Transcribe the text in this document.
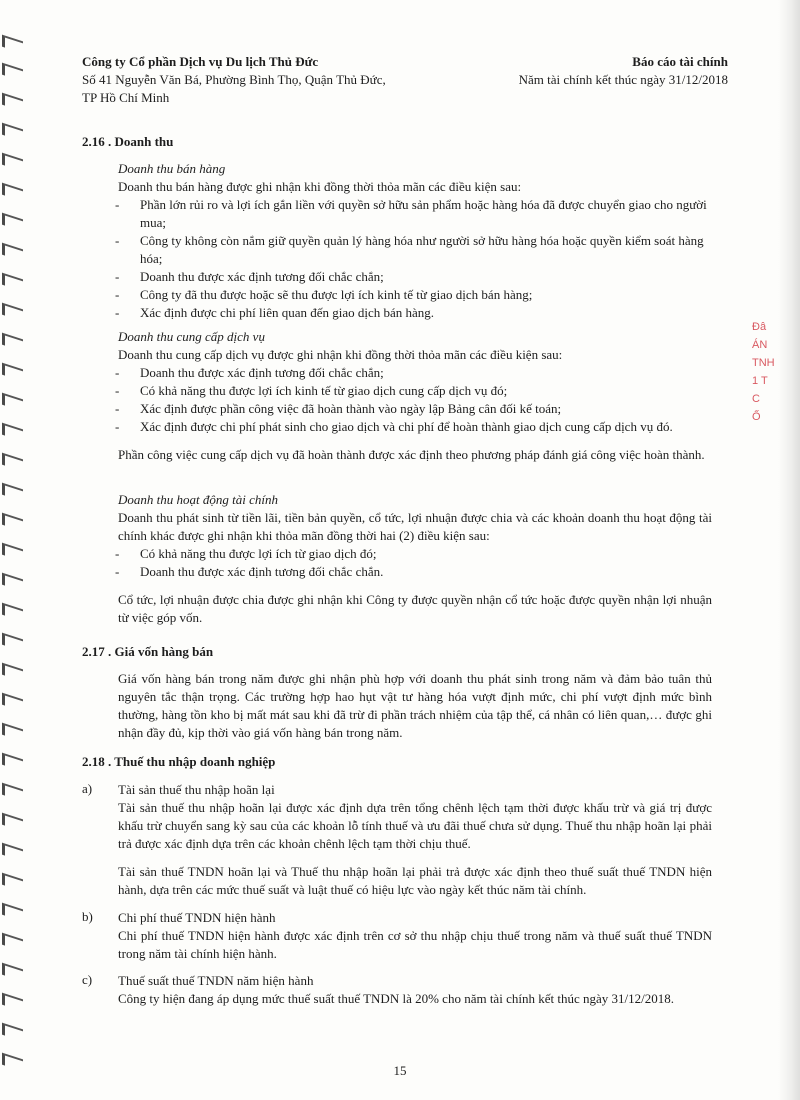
Đâ
ÁN
TNH
1 T
C
Ố
Công ty Cổ phần Dịch vụ Du lịch Thủ Đức
Số 41 Nguyễn Văn Bá, Phường Bình Thọ, Quận Thủ Đức,
TP Hồ Chí Minh
Báo cáo tài chính
Năm tài chính kết thúc ngày 31/12/2018
2.16 . Doanh thu

Doanh thu bán hàng

Doanh thu bán hàng được ghi nhận khi đồng thời thỏa mãn các điều kiện sau:

- Phần lớn rủi ro và lợi ích gắn liền với quyền sở hữu sản phẩm hoặc hàng hóa đã được chuyển giao cho người mua;
- Công ty không còn nắm giữ quyền quản lý hàng hóa như người sở hữu hàng hóa hoặc quyền kiểm soát hàng hóa;
- Doanh thu được xác định tương đối chắc chắn;
- Công ty đã thu được hoặc sẽ thu được lợi ích kinh tế từ giao dịch bán hàng;
- Xác định được chi phí liên quan đến giao dịch bán hàng.

Doanh thu cung cấp dịch vụ

Doanh thu cung cấp dịch vụ được ghi nhận khi đồng thời thỏa mãn các điều kiện sau:

- Doanh thu được xác định tương đối chắc chắn;
- Có khả năng thu được lợi ích kinh tế từ giao dịch cung cấp dịch vụ đó;
- Xác định được phần công việc đã hoàn thành vào ngày lập Bảng cân đối kế toán;
- Xác định được chi phí phát sinh cho giao dịch và chi phí để hoàn thành giao dịch cung cấp dịch vụ đó.

Phần công việc cung cấp dịch vụ đã hoàn thành được xác định theo phương pháp đánh giá công việc hoàn thành.

Doanh thu hoạt động tài chính

Doanh thu phát sinh từ tiền lãi, tiền bản quyền, cổ tức, lợi nhuận được chia và các khoản doanh thu hoạt động tài chính khác được ghi nhận khi thỏa mãn đồng thời hai (2) điều kiện sau:

- Có khả năng thu được lợi ích từ giao dịch đó;
- Doanh thu được xác định tương đối chắc chắn.

Cổ tức, lợi nhuận được chia được ghi nhận khi Công ty được quyền nhận cổ tức hoặc được quyền nhận lợi nhuận từ việc góp vốn.

2.17 . Giá vốn hàng bán

Giá vốn hàng bán trong năm được ghi nhận phù hợp với doanh thu phát sinh trong năm và đảm bảo tuân thủ nguyên tắc thận trọng. Các trường hợp hao hụt vật tư hàng hóa vượt định mức, chi phí vượt định mức bình thường, hàng tồn kho bị mất mát sau khi đã trừ đi phần trách nhiệm của tập thể, cá nhân có liên quan,… được ghi nhận đầy đủ, kịp thời vào giá vốn hàng bán trong năm.

2.18 . Thuế thu nhập doanh nghiệp
a) Tài sản thuế thu nhập hoãn lại

Tài sản thuế thu nhập hoãn lại được xác định dựa trên tổng chênh lệch tạm thời được khấu trừ và giá trị được khấu trừ chuyển sang kỳ sau của các khoản lỗ tính thuế và ưu đãi thuế chưa sử dụng. Thuế thu nhập hoãn lại phải trả được xác định dựa trên các khoản chênh lệch tạm thời chịu thuế.

Tài sản thuế TNDN hoãn lại và Thuế thu nhập hoãn lại phải trả được xác định theo thuế suất thuế TNDN hiện hành, dựa trên các mức thuế suất và luật thuế có hiệu lực vào ngày kết thúc năm tài chính.

b) Chi phí thuế TNDN hiện hành

Chi phí thuế TNDN hiện hành được xác định trên cơ sở thu nhập chịu thuế trong năm và thuế suất thuế TNDN trong năm tài chính hiện hành.

c) Thuế suất thuế TNDN năm hiện hành

Công ty hiện đang áp dụng mức thuế suất thuế TNDN là 20% cho năm tài chính kết thúc ngày 31/12/2018.

15
